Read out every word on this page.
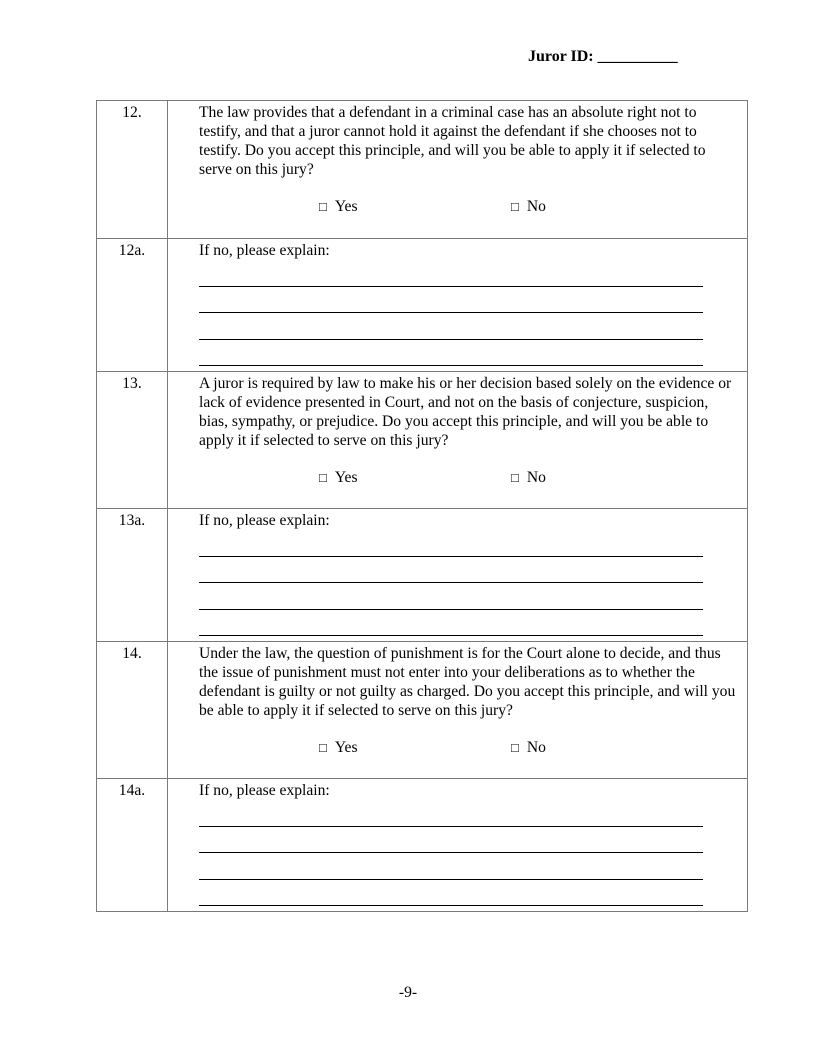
Juror ID: __________
12.	The law provides that a defendant in a criminal case has an absolute right not to testify, and that a juror cannot hold it against the defendant if she chooses not to testify. Do you accept this principle, and will you be able to apply it if selected to serve on this jury?

□ Yes □ No

12a.	If no, please explain:

13.	A juror is required by law to make his or her decision based solely on the evidence or lack of evidence presented in Court, and not on the basis of conjecture, suspicion, bias, sympathy, or prejudice. Do you accept this principle, and will you be able to apply it if selected to serve on this jury?

□ Yes □ No

13a.	If no, please explain:

14.	Under the law, the question of punishment is for the Court alone to decide, and thus the issue of punishment must not enter into your deliberations as to whether the defendant is guilty or not guilty as charged. Do you accept this principle, and will you be able to apply it if selected to serve on this jury?

□ Yes □ No

14a.	If no, please explain:
-9-
